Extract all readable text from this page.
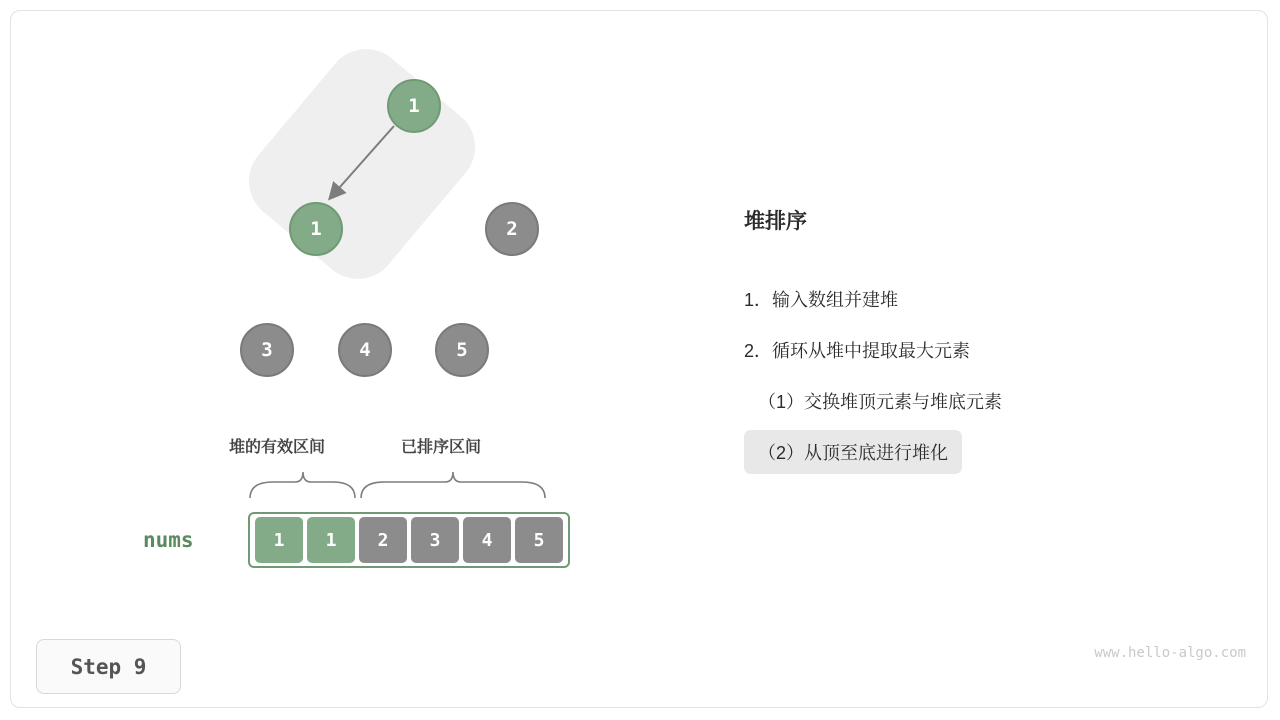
1
1	2
3	4	5
堆的有效区间	已排序区间
nums	1	1	2	3	4	5
堆排序
1．输入数组并建堆
2．循环从堆中提取最大元素
（1）交换堆顶元素与堆底元素
（2）从顶至底进行堆化
Step 9
www.hello-algo.com
